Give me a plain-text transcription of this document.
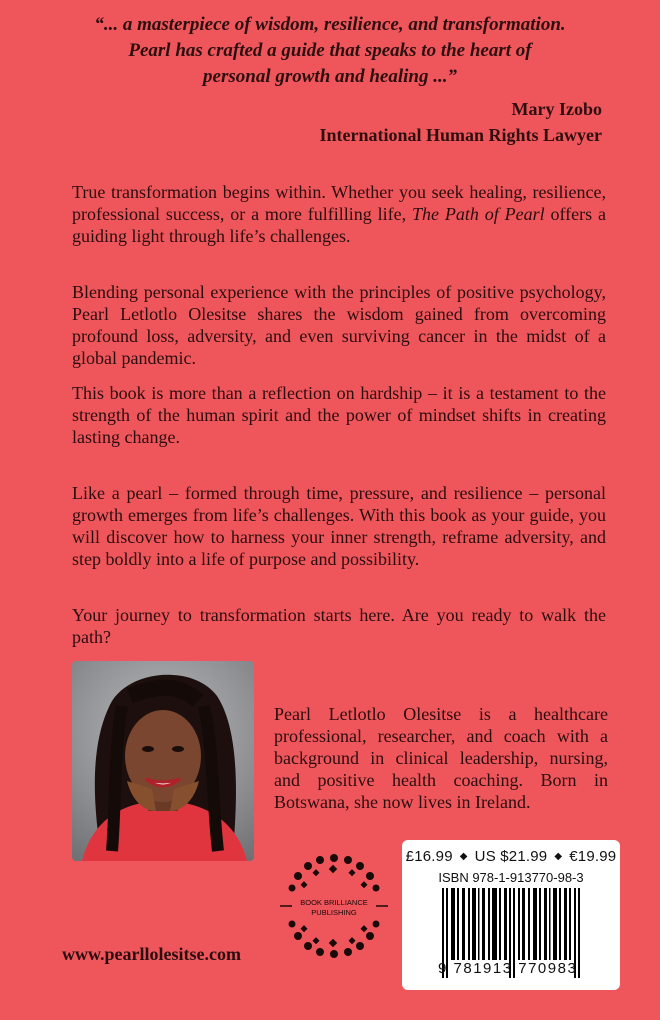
“... a masterpiece of wisdom, resilience, and transformation.
Pearl has crafted a guide that speaks to the heart of
personal growth and healing ...”
Mary Izobo
International Human Rights Lawyer
True transformation begins within. Whether you seek healing, resilience, professional success, or a more fulfilling life, The Path of Pearl offers a guiding light through life’s challenges.
Blending personal experience with the principles of positive psychology, Pearl Letlotlo Olesitse shares the wisdom gained from overcoming profound loss, adversity, and even surviving cancer in the midst of a global pandemic.
This book is more than a reflection on hardship – it is a testament to the strength of the human spirit and the power of mindset shifts in creating lasting change.
Like a pearl – formed through time, pressure, and resilience – personal growth emerges from life’s challenges. With this book as your guide, you will discover how to harness your inner strength, reframe adversity, and step boldly into a life of purpose and possibility.
Your journey to transformation starts here. Are you ready to walk the path?
Pearl Letlotlo Olesitse is a healthcare professional, researcher, and coach with a background in clinical leadership, nursing, and positive health coaching. Born in Botswana, she now lives in Ireland.
BOOK BRILLIANCE
PUBLISHING
www.pearllolesitse.com
£16.99 ◆ US $21.99 ◆ €19.99
ISBN 978-1-913770-98-3
9 781913 770983
